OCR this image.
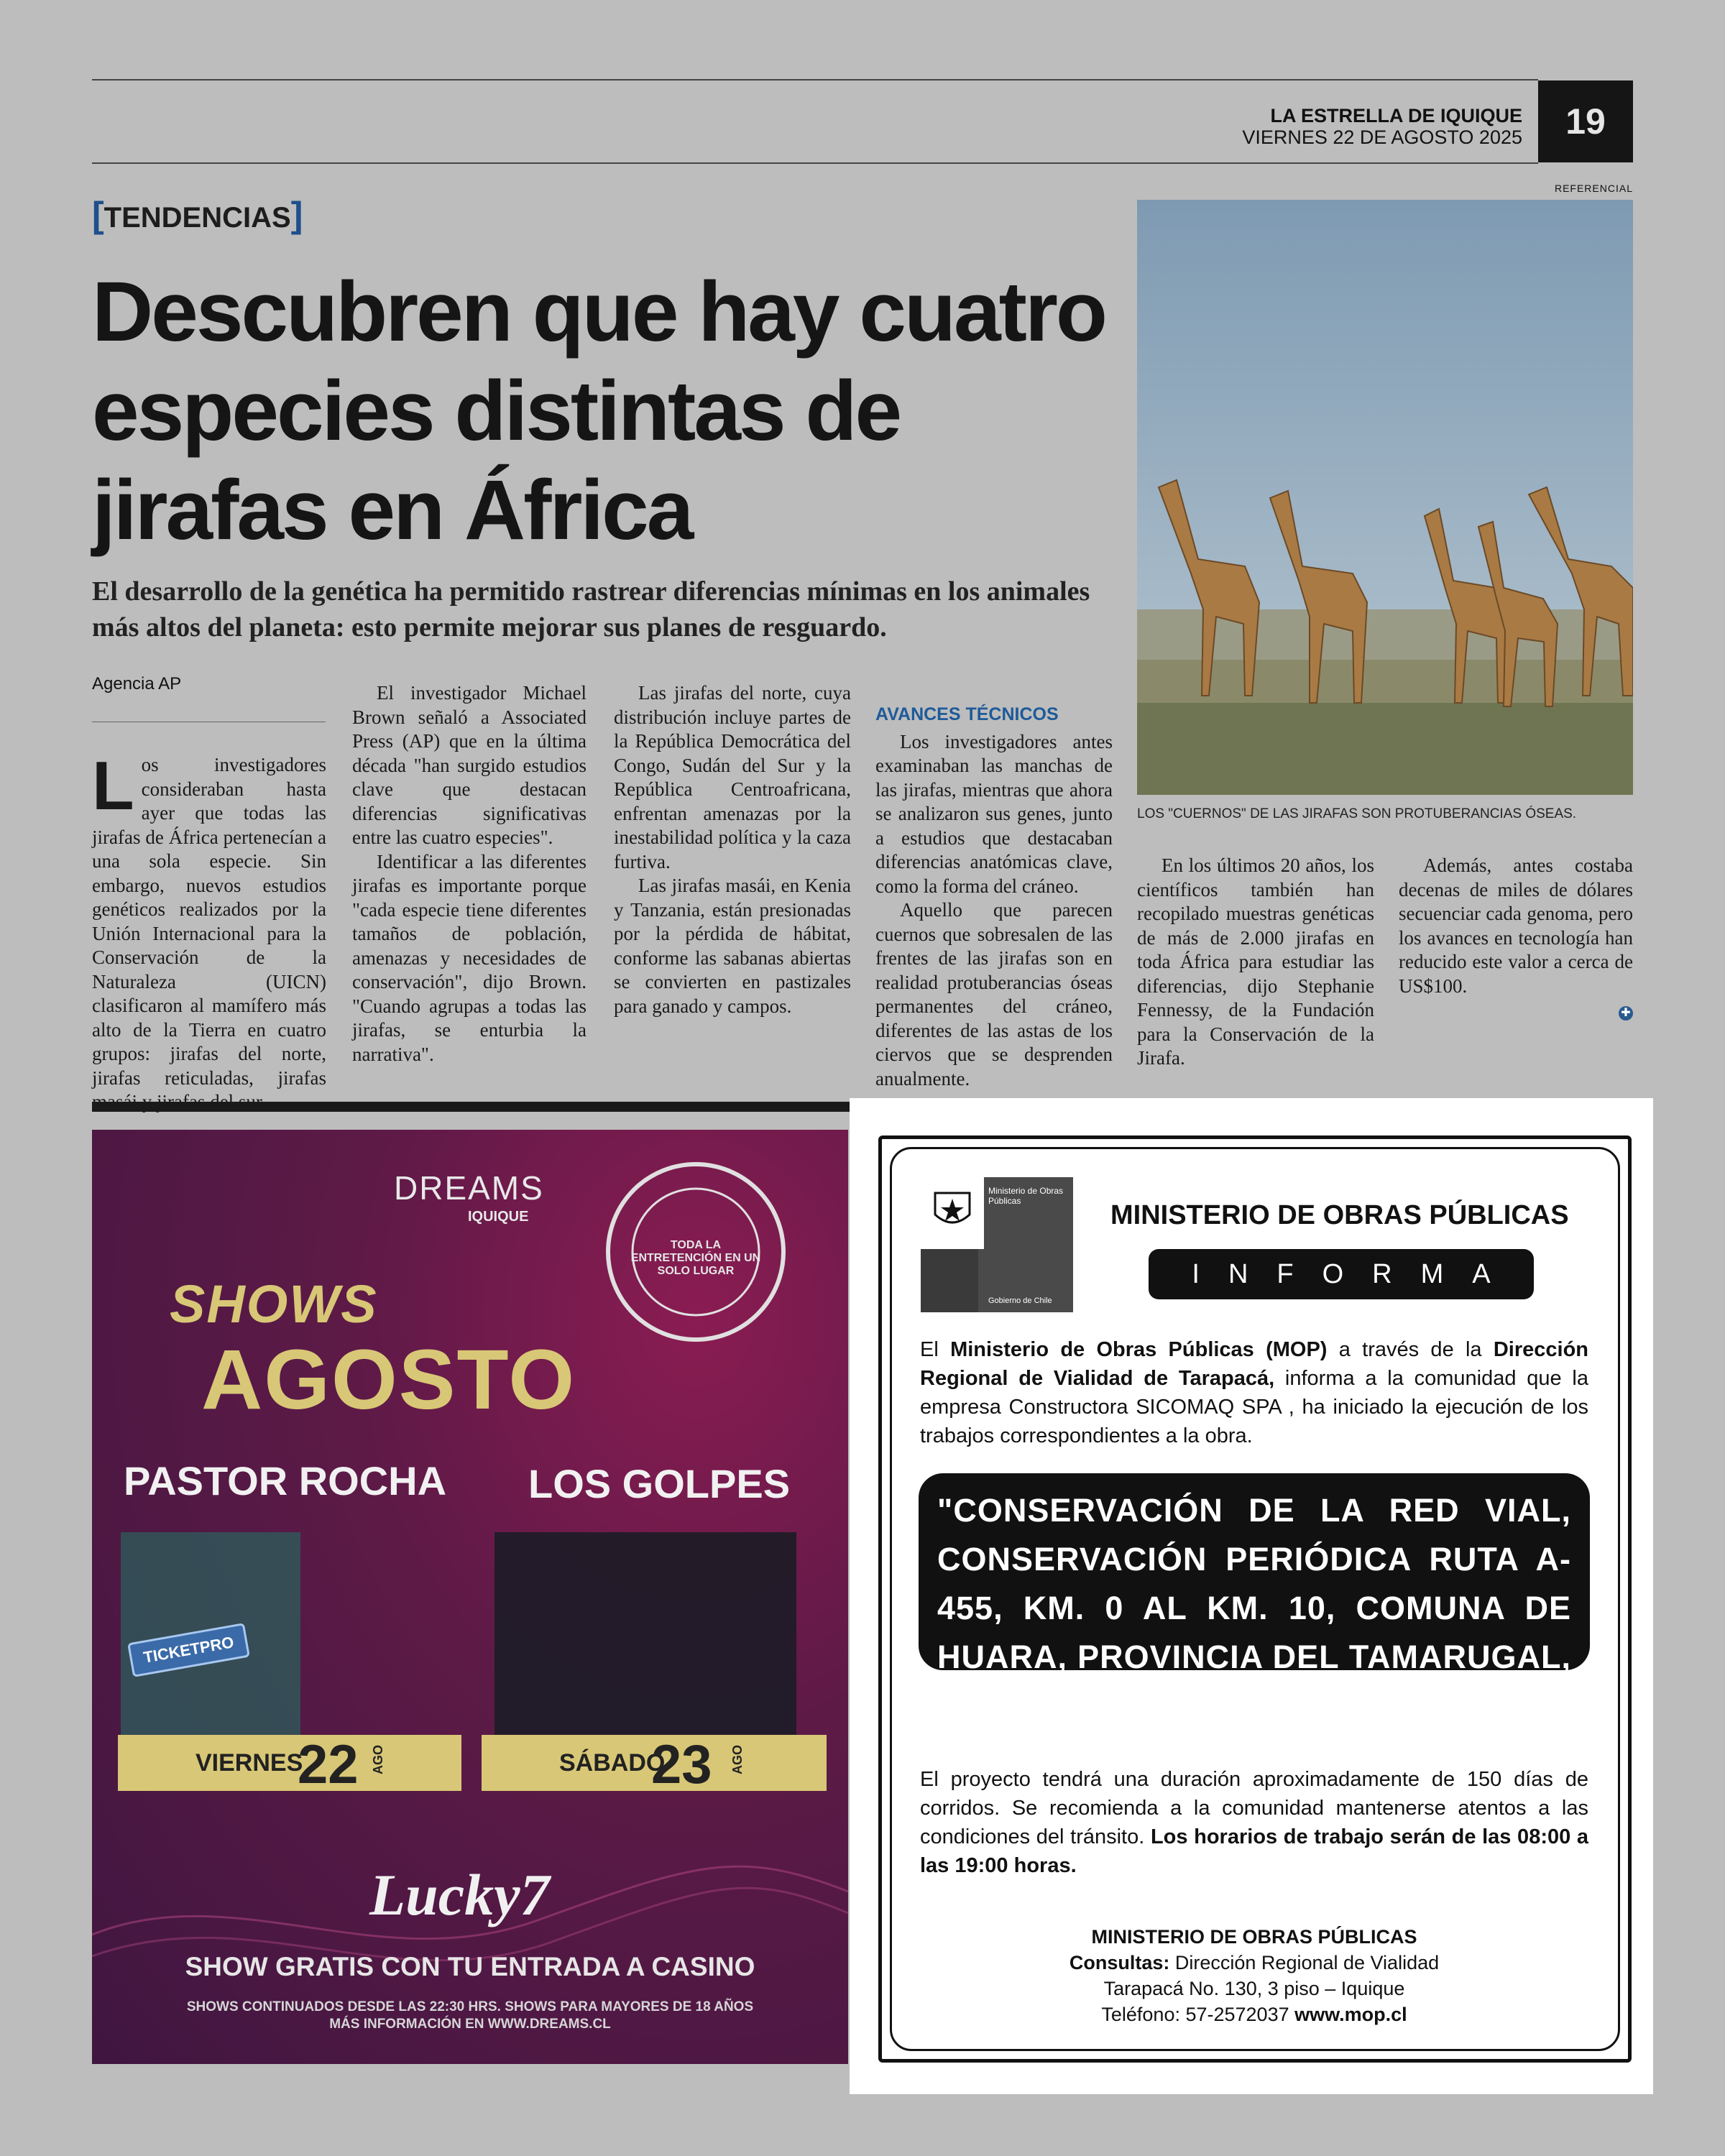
LA ESTRELLA DE IQUIQUE
VIERNES 22 DE AGOSTO 2025	19
[TENDENCIAS]
Descubren que hay cuatro especies distintas de jirafas en África
El desarrollo de la genética ha permitido rastrear diferencias mínimas en los animales más altos del planeta: esto permite mejorar sus planes de resguardo.
Agencia AP
REFERENCIAL
LOS "CUERNOS" DE LAS JIRAFAS SON PROTUBERANCIAS ÓSEAS.

Los investigadores consideraban hasta ayer que todas las jirafas de África pertenecían a una sola especie. Sin embargo, nuevos estudios genéticos realizados por la Unión Internacional para la Conservación de la Naturaleza (UICN) clasificaron al mamífero más alto de la Tierra en cuatro grupos: jirafas del norte, jirafas reticuladas, jirafas

El investigador Michael Brown señaló a Associated Press (AP) que en la última década "han surgido estudios clave que destacan diferencias significativas entre las cuatro especies".

Identificar a las diferentes jirafas es importante porque "cada especie tiene diferentes tamaños de población, amenazas y necesidades de conservación", dijo Brown. "Cuando agrupas a todas las jirafas, se enturbia la narrativa".

Las jirafas del norte, cuya distribución incluye partes de la República Democrática del Congo, Sudán del Sur y la República Centroafricana, enfrentan amenazas por la inestabilidad política y la caza furtiva.

Las jirafas masái, en Kenia y Tanzania, están presionadas por la pérdida de hábitat, conforme las sabanas abiertas se convierten en pastizales para ganado y campos.

AVANCES TÉCNICOS

Los investigadores antes examinaban las manchas de las jirafas, mientras que ahora se analizaron sus genes, junto a estudios que destacaban diferencias anatómicas clave, como la forma del cráneo.

Aquello que parecen cuernos que sobresalen de las frentes de las jirafas son en realidad protuberancias óseas permanentes del cráneo, diferentes de las astas de los ciervos que se desprenden anualmente.

En los últimos 20 años, los científicos también han recopilado muestras genéticas de más de 2.000 jirafas en toda África para estudiar las diferencias, dijo Stephanie Fennessy, de la Fundación para la Conservación de la Jirafa.

Además, antes costaba decenas de miles de dólares secuenciar cada genoma, pero los avances en tecnología han reducido este valor a cerca de US$100.

✚
DREAMS
IQUIQUE
TODA LA ENTRETENCIÓN EN UN SOLO LUGAR
SHOWS
AGOSTO
PASTOR ROCHA LOS GOLPES
TICKETPRO
VIERNES
22 AGO	SÁBADO
23 AGO
Lucky7
SHOW GRATIS CON TU ENTRADA A CASINO
SHOWS CONTINUADOS DESDE LAS 22:30 HRS. SHOWS PARA MAYORES DE 18 AÑOS
MÁS INFORMACIÓN EN WWW.DREAMS.CL
Ministerio de Obras Públicas
Gobierno de Chile
MINISTERIO DE OBRAS PÚBLICAS
INFORMA
El Ministerio de Obras Públicas (MOP) a través de la Dirección Regional de Vialidad de Tarapacá, informa a la comunidad que la empresa Constructora SICOMAQ SPA , ha iniciado la ejecución de los trabajos correspondientes a la obra.
"CONSERVACIÓN DE LA RED VIAL, CONSERVACIÓN PERIÓDICA RUTA A-455, KM. 0 AL KM. 10, COMUNA DE HUARA, PROVINCIA DEL TAMARUGAL, REGIÓN TARAPACÁ"
El proyecto tendrá una duración aproximadamente de 150 días de corridos. Se recomienda a la comunidad mantenerse atentos a las condiciones del tránsito. Los horarios de trabajo serán de las 08:00 a las 19:00 horas.
MINISTERIO DE OBRAS PÚBLICAS
Consultas: Dirección Regional de Vialidad
Tarapacá No. 130, 3 piso – Iquique
Teléfono: 57-2572037 www.mop.cl
